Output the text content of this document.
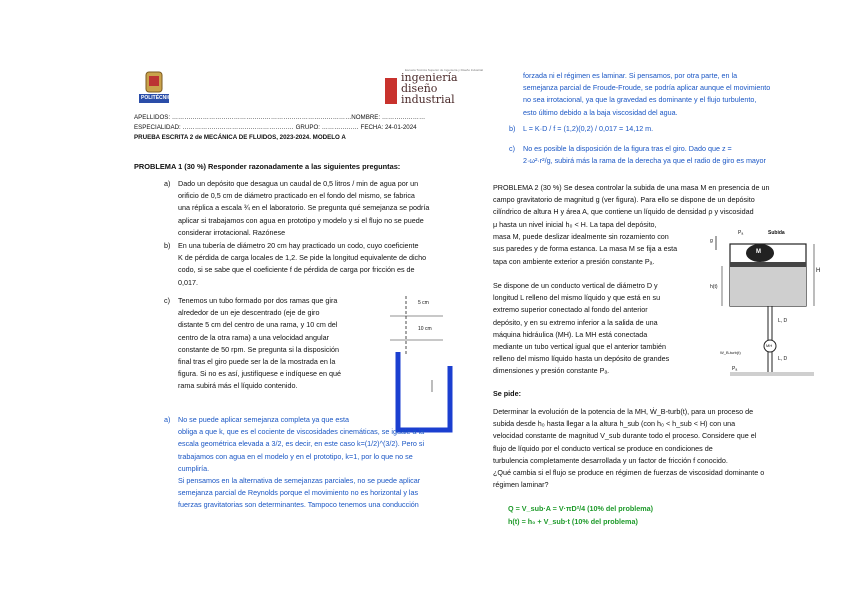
POLITÉCNICA
ingeniería
diseño
industrial
Escuela Técnica Superior de Ingeniería y Diseño Industrial
APELLIDOS: ……………………………………………………………………………NOMBRE: …………………
ESPECIALIDAD: ……………………………………………… GRUPO: ……………… FECHA: 24-01-2024
PRUEBA ESCRITA 2 de MECÁNICA DE FLUIDOS, 2023-2024. MODELO A
PROBLEMA 1 (30 %) Responder razonadamente a las siguientes preguntas:
a) Dado un depósito que desagua un caudal de 0,5 litros / min de agua por un
orificio de 0,5 cm de diámetro practicado en el fondo del mismo, se fabrica
una réplica a escala ¾ en el laboratorio. Se pregunta qué semejanza se podría
aplicar si trabajamos con agua en prototipo y modelo y si el flujo no se puede
considerar irrotacional. Razónese
b) En una tubería de diámetro 20 cm hay practicado un codo, cuyo coeficiente
K de pérdida de carga locales de 1,2. Se pide la longitud equivalente de dicho
codo, si se sabe que el coeficiente f de pérdida de carga por fricción es de
0,017.
c) Tenemos un tubo formado por dos ramas que gira
alrededor de un eje descentrado (eje de giro
distante 5 cm del centro de una rama, y 10 cm del
centro de la otra rama) a una velocidad angular
constante de 50 rpm. Se pregunta si la disposición
final tras el giro puede ser la de la mostrada en la
figura. Si no es así, justifíquese e indíquese en qué
rama subirá más el líquido contenido.
5 cm
10 cm
a) No se puede aplicar semejanza completa ya que esta
obliga a que k, que es el cociente de viscosidades cinemáticas, se iguale a la
escala geométrica elevada a 3/2, es decir, en este caso k=(1/2)^(3/2). Pero si
trabajamos con agua en el modelo y en el prototipo, k=1, por lo que no se
cumpliría.
Si pensamos en la alternativa de semejanzas parciales, no se puede aplicar
semejanza parcial de Reynolds porque el movimiento no es horizontal y las
fuerzas gravitatorias son determinantes. Tampoco tenemos una conducción
forzada ni el régimen es laminar. Si pensamos, por otra parte, en la
semejanza parcial de Froude-Froude, se podría aplicar aunque el movimiento
no sea irrotacional, ya que la gravedad es dominante y el flujo turbulento,
esto último debido a la baja viscosidad del agua.
b) L = K·D / f = (1,2)(0,2) / 0,017 = 14,12 m.
c) No es posible la disposición de la figura tras el giro. Dado que z =
2·ω²·r²/g, subirá más la rama de la derecha ya que el radio de giro es mayor
PROBLEMA 2 (30 %) Se desea controlar la subida de una masa M en presencia de un
campo gravitatorio de magnitud g (ver figura). Para ello se dispone de un depósito
cilíndrico de altura H y área A, que contiene un líquido de densidad ρ y viscosidad
μ hasta un nivel inicial h₀ < H. La tapa del depósito,
masa M, puede deslizar idealmente sin rozamiento con
sus paredes y de forma estanca. La masa M se fija a esta
tapa con ambiente exterior a presión constante Pₐ.

Se dispone de un conducto vertical de diámetro D y
longitud L relleno del mismo líquido y que está en su
extremo superior conectado al fondo del anterior
depósito, y en su extremo inferior a la salida de una
máquina hidráulica (MH). La MH está conectada
mediante un tubo vertical igual que el anterior también
relleno del mismo líquido hasta un depósito de grandes
dimensiones y presión constante Pₐ.
Pₐ	Subida
M
H
h(t)
L, D
MH
W_B-turb(t)
L, D
Pₐ
g
Se pide:
Determinar la evolución de la potencia de la MH, Ẇ_B-turb(t), para un proceso de
subida desde h₀ hasta llegar a la altura h_sub (con h₀ < h_sub < H) con una
velocidad constante de magnitud V_sub durante todo el proceso. Considere que el
flujo de líquido por el conducto vertical se produce en condiciones de
turbulencia completamente desarrollada y un factor de fricción f conocido.
¿Qué cambia si el flujo se produce en régimen de fuerzas de viscosidad dominante o
régimen laminar?
Q = V_sub·A = V·πD²/4 (10% del problema)
h(t) = h₀ + V_sub·t (10% del problema)
